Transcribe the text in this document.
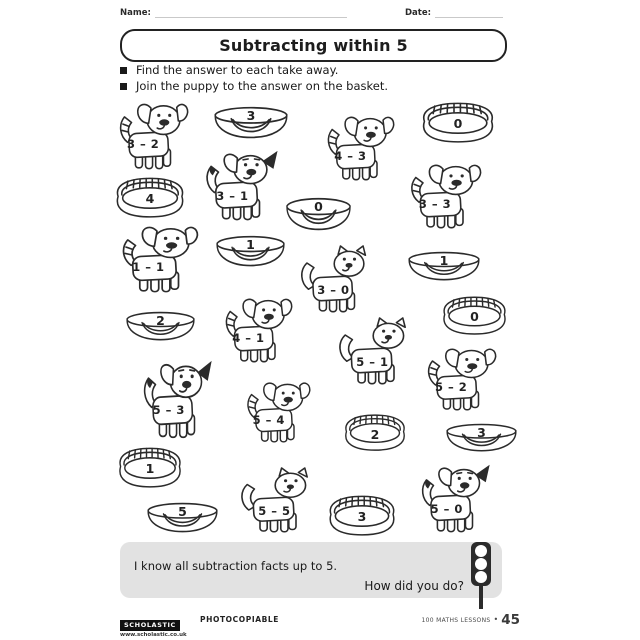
Name:	Date:
Subtracting within 5
Find the answer to each take away.
Join the puppy to the answer on the basket.
3 – 2
4 – 3
3 – 1
3 – 3
1 – 1
3 – 0
4 – 1
5 – 1
5 – 2
5 – 3
5 – 4
5 – 5	5 – 0
3
0
4
0
1
1
2	0
2	3
1
5	3
I know all subtraction facts up to 5.
How did you do?
SCHOLASTIC
www.scholastic.co.uk
PHOTOCOPIABLE	100 MATHS LESSONS • 45
